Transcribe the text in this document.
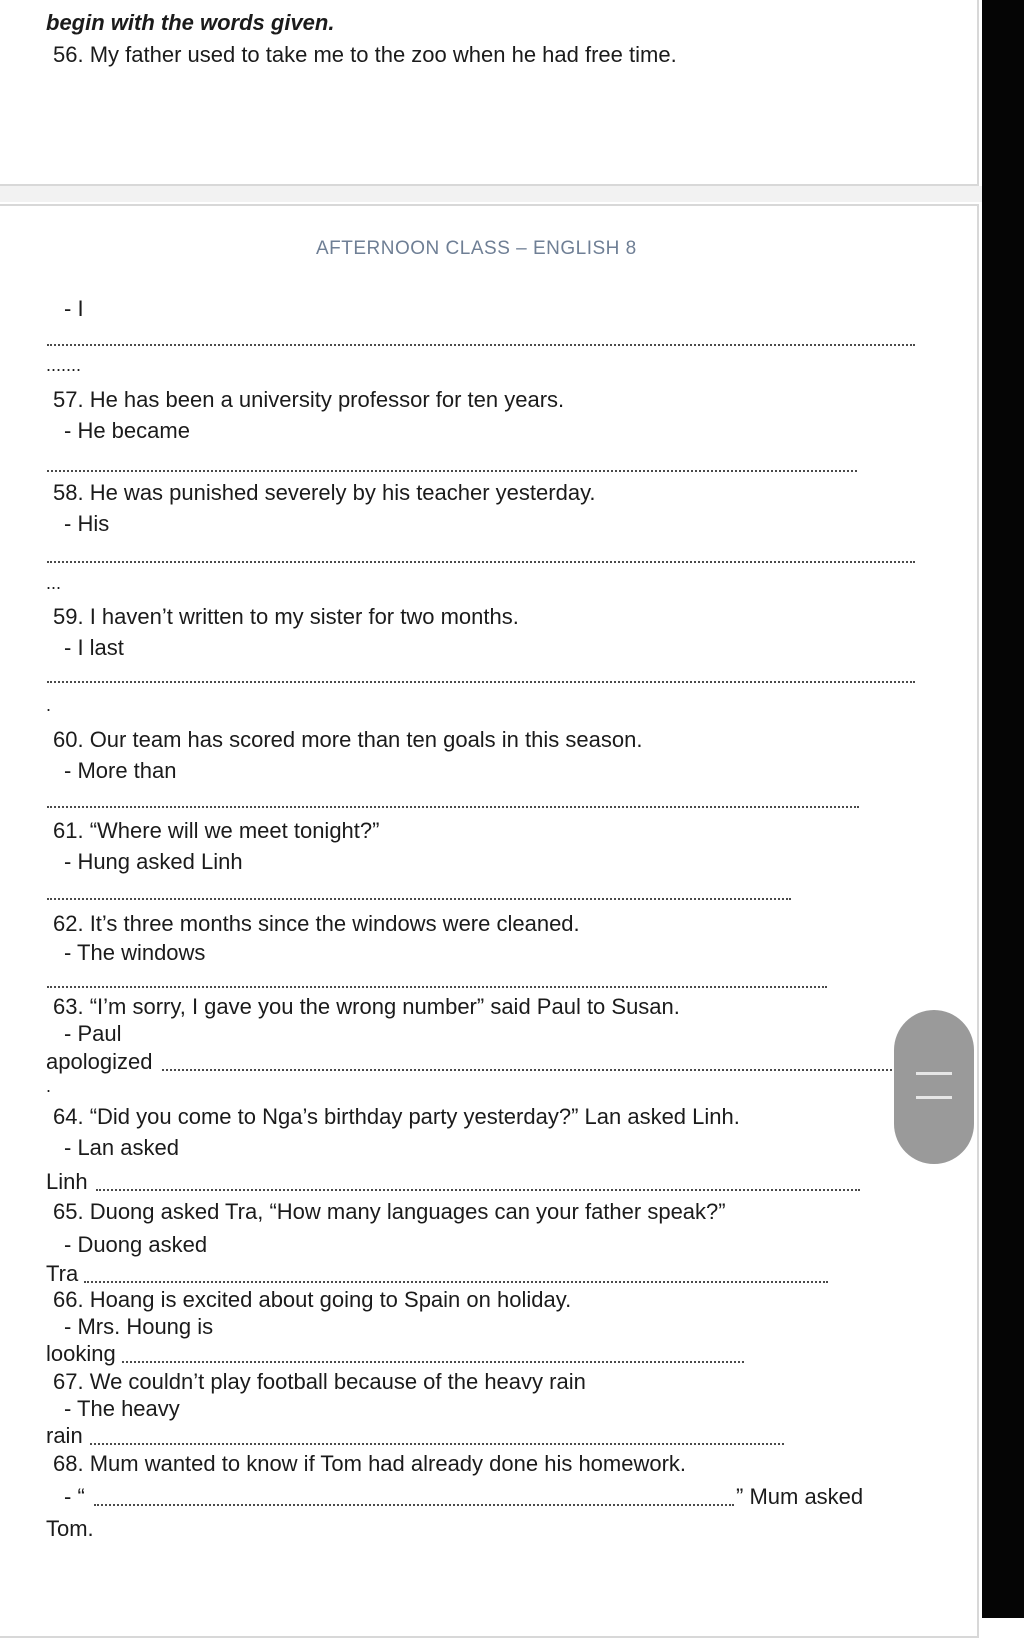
begin with the words given.
56. My father used to take me to the zoo when he had free time.
AFTERNOON CLASS – ENGLISH 8
- I
.......
57. He has been a university professor for ten years.
- He became
58. He was punished severely by his teacher yesterday.
- His
...
59. I haven’t written to my sister for two months.
- I last
.
60. Our team has scored more than ten goals in this season.
- More than
61. “Where will we meet tonight?”
- Hung asked Linh
62. It’s three months since the windows were cleaned.
- The windows
63. “I’m sorry, I gave you the wrong number” said Paul to Susan.
- Paul
apologized
.
64. “Did you come to Nga’s birthday party yesterday?” Lan asked Linh.
- Lan asked
Linh
65. Duong asked Tra, “How many languages can your father speak?”
- Duong asked
Tra
66. Hoang is excited about going to Spain on holiday.
- Mrs. Houng is
looking
67. We couldn’t play football because of the heavy rain
- The heavy
rain
68. Mum wanted to know if Tom had already done his homework.
- “	” Mum asked
Tom.
